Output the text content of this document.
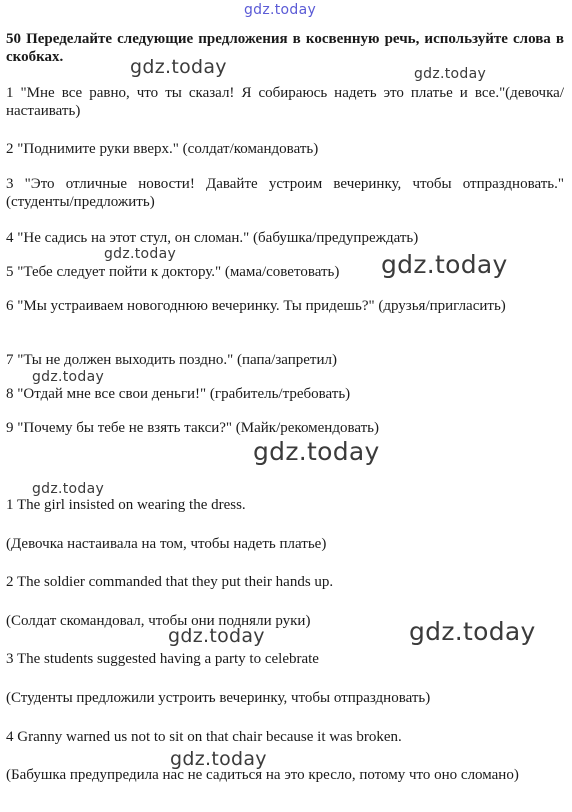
gdz.today
gdz.today	gdz.today
gdz.today	gdz.today
gdz.today
gdz.today
gdz.today
gdz.today	gdz.today
gdz.today
50 Переделайте следующие предложения в косвенную речь, используйте слова в скобках.
1 "Мне все равно, что ты сказал! Я собираюсь надеть это платье и все."(девочка/настаивать)
2 "Поднимите руки вверх." (солдат/командовать)
3 "Это отличные новости! Давайте устроим вечеринку, чтобы отпраздновать." (студенты/предложить)
4 "Не садись на этот стул, он сломан." (бабушка/предупреждать)
5 "Тебе следует пойти к доктору." (мама/советовать)
6 "Мы устраиваем новогоднюю вечеринку. Ты придешь?" (друзья/пригласить)
7 "Ты не должен выходить поздно." (папа/запретил)
8 "Отдай мне все свои деньги!" (грабитель/требовать)
9 "Почему бы тебе не взять такси?" (Майк/рекомендовать)
1 The girl insisted on wearing the dress.
(Девочка настаивала на том, чтобы надеть платье)
2 The soldier commanded that they put their hands up.
(Солдат скомандовал, чтобы они подняли руки)
3 The students suggested having a party to celebrate
(Студенты предложили устроить вечеринку, чтобы отпраздновать)
4 Granny warned us not to sit on that chair because it was broken.
(Бабушка предупредила нас не садиться на это кресло, потому что оно сломано)
